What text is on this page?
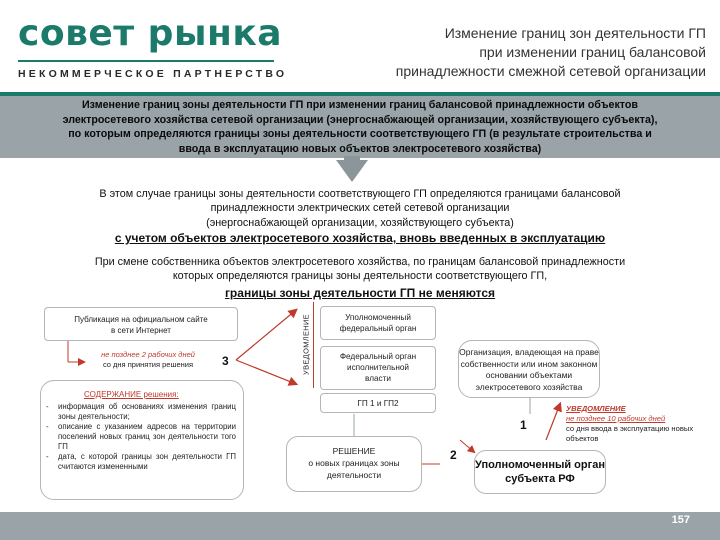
совет рынка
НЕКОММЕРЧЕСКОЕ ПАРТНЕРСТВО
Изменение границ зон деятельности ГП
при изменении границ балансовой
принадлежности смежной сетевой организации
Изменение границ зоны деятельности ГП при изменении границ балансовой принадлежности объектов
электросетевого хозяйства сетевой организации (энергоснабжающей организации, хозяйствующего субъекта),
по которым определяются границы зоны деятельности соответствующего ГП (в результате строительства и
ввода в эксплуатацию новых объектов электросетевого хозяйства)
В этом случае границы зоны деятельности соответствующего ГП определяются границами балансовой
принадлежности электрических сетей сетевой организации
(энергоснабжающей организации, хозяйствующего субъекта)
с учетом объектов электросетевого хозяйства, вновь введенных в эксплуатацию
При смене собственника объектов электросетевого хозяйства, по границам балансовой принадлежности
которых определяются границы зоны деятельности соответствующего ГП,
границы зоны деятельности ГП не меняются
Публикация на официальном сайте
в сети Интернет
не позднее 2 рабочих дней
со дня принятия решения	3
СОДЕРЖАНИЕ решения:
- информация об основаниях изменения границ зоны деятельности;
- описание с указанием адресов на территории поселений новых границ зон деятельности того ГП
- дата, с которой границы зон деятельности ГП считаются измененными
УВЕДОМЛЕНИЕ	Уполномоченный
федеральный орган
Федеральный орган
исполнительной
власти
ГП 1 и ГП2
РЕШЕНИЕ
о новых границах зоны
деятельности
Организация, владеющая на праве
собственности или ином законном
основании объектами
электросетевого хозяйства
1
УВЕДОМЛЕНИЕ
не позднее 10 рабочих дней
со дня ввода в эксплуатацию новых объектов
2
Уполномоченный орган
субъекта РФ
157
